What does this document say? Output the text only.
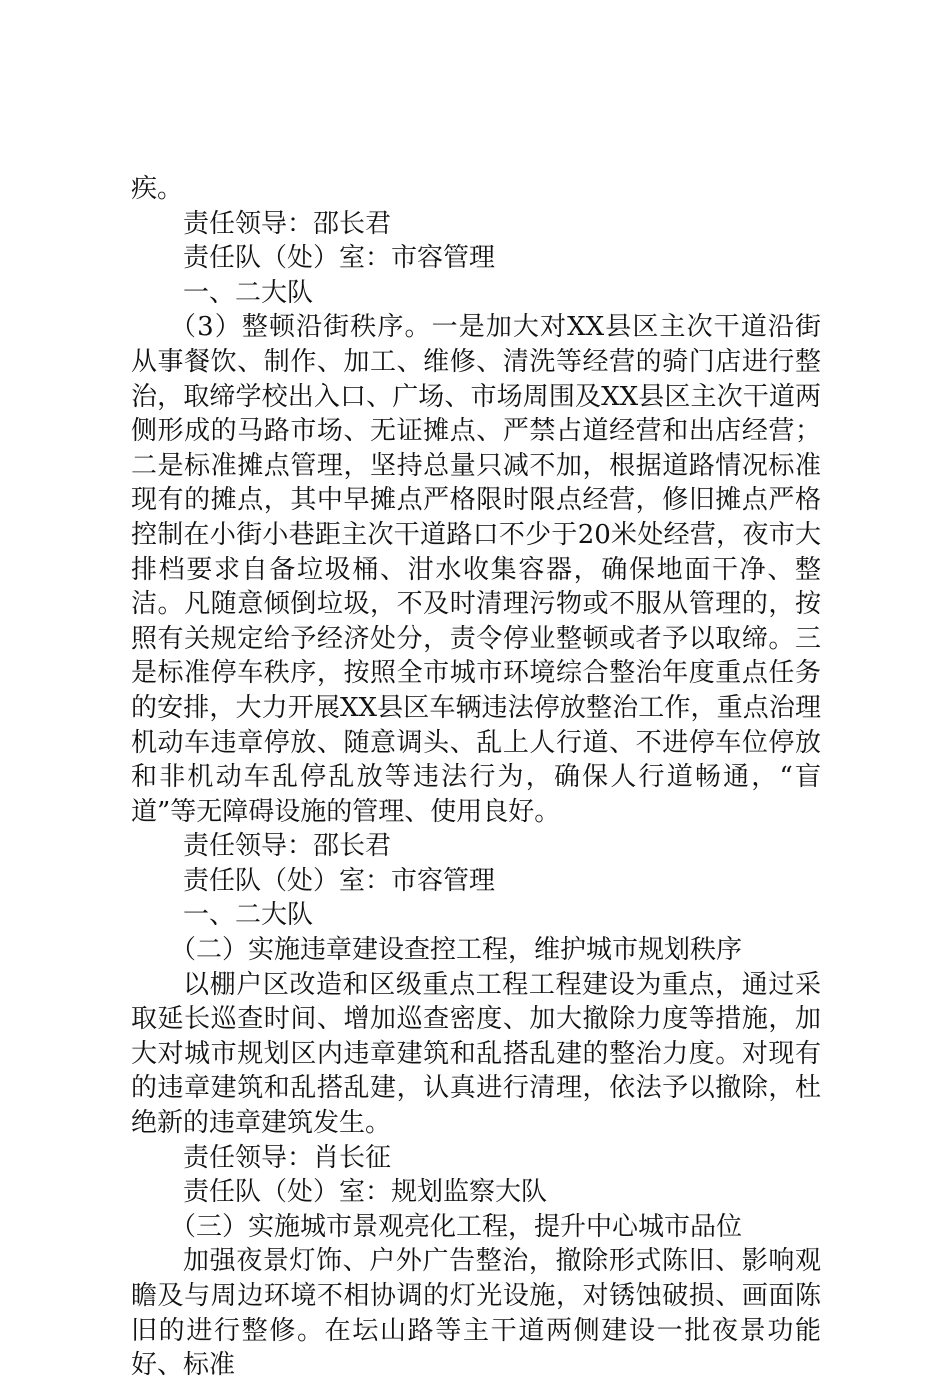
疾。

责任领导：邵长君

责任队（处）室：市容管理

一、二大队

（3）整顿沿街秩序。一是加大对XX县区主次干道沿街从事餐饮、制作、加工、维修、清洗等经营的骑门店进行整治，取缔学校出入口、广场、市场周围及XX县区主次干道两侧形成的马路市场、无证摊点、严禁占道经营和出店经营；二是标准摊点管理，坚持总量只减不加，根据道路情况标准现有的摊点，其中早摊点严格限时限点经营，修旧摊点严格控制在小街小巷距主次干道路口不少于20米处经营，夜市大排档要求自备垃圾桶、泔水收集容器，确保地面干净、整洁。凡随意倾倒垃圾，不及时清理污物或不服从管理的，按照有关规定给予经济处分，责令停业整顿或者予以取缔。三是标准停车秩序，按照全市城市环境综合整治年度重点任务的安排，大力开展XX县区车辆违法停放整治工作，重点治理机动车违章停放、随意调头、乱上人行道、不进停车位停放和非机动车乱停乱放等违法行为，确保人行道畅通，“盲道”等无障碍设施的管理、使用良好。

责任领导：邵长君

责任队（处）室：市容管理

一、二大队

（二）实施违章建设查控工程，维护城市规划秩序

以棚户区改造和区级重点工程工程建设为重点，通过采取延长巡查时间、增加巡查密度、加大撤除力度等措施，加大对城市规划区内违章建筑和乱搭乱建的整治力度。对现有的违章建筑和乱搭乱建，认真进行清理，依法予以撤除，杜绝新的违章建筑发生。

责任领导：肖长征

责任队（处）室：规划监察大队

（三）实施城市景观亮化工程，提升中心城市品位

加强夜景灯饰、户外广告整治，撤除形式陈旧、影响观瞻及与周边环境不相协调的灯光设施，对锈蚀破损、画面陈旧的进行整修。在坛山路等主干道两侧建设一批夜景功能好、标准
